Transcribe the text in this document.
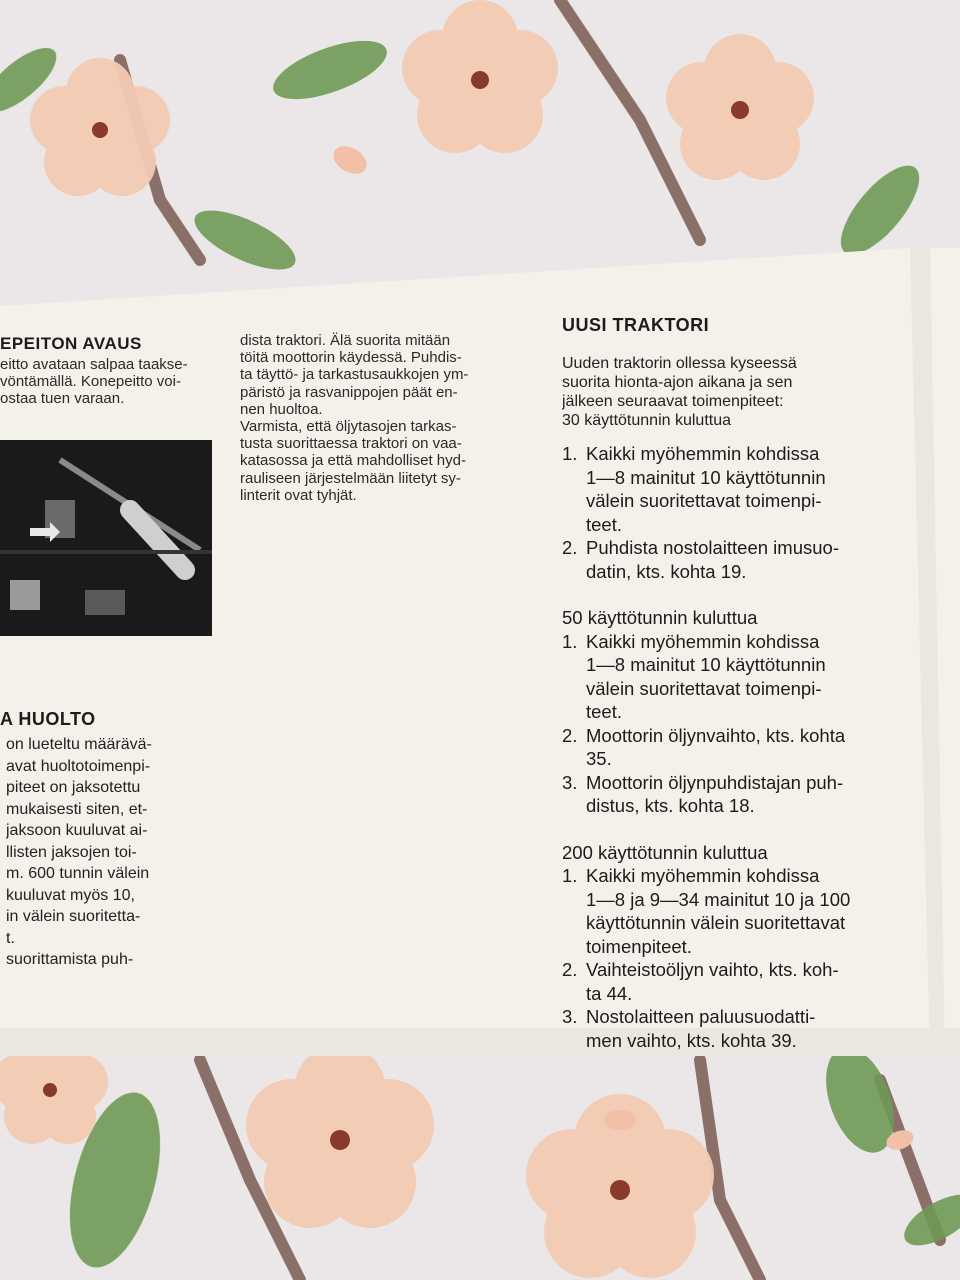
EPEITON AVAUS
eitto avataan salpaa taakse-
vöntämällä. Konepeitto voi-
ostaa tuen varaan.
A HUOLTO
on lueteltu määrävä-
avat huoltotoimenpi-
piteet on jaksotettu
mukaisesti siten, et-
jaksoon kuuluvat ai-
llisten jaksojen toi-
m. 600 tunnin välein
kuuluvat myös 10,
in välein suoritetta-
t.
suorittamista puh-
dista traktori. Älä suorita mitään
töitä moottorin käydessä. Puhdis-
ta täyttö- ja tarkastusaukkojen ym-
päristö ja rasvanippojen päät en-
nen huoltoa.
Varmista, että öljytasojen tarkas-
tusta suorittaessa traktori on vaa-
katasossa ja että mahdolliset hyd-
rauliseen järjestelmään liitetyt sy-
linterit ovat tyhjät.
UUSI TRAKTORI
Uuden traktorin ollessa kyseessä
suorita hionta-ajon aikana ja sen
jälkeen seuraavat toimenpiteet:
30 käyttötunnin kuluttua
1. Kaikki myöhemmin kohdissa
1—8 mainitut 10 käyttötunnin
välein suoritettavat toimenpi-
teet.
2. Puhdista nostolaitteen imusuo-
datin, kts. kohta 19.
50 käyttötunnin kuluttua
1. Kaikki myöhemmin kohdissa
1—8 mainitut 10 käyttötunnin
välein suoritettavat toimenpi-
teet.
2. Moottorin öljynvaihto, kts. kohta
35.
3. Moottorin öljynpuhdistajan puh-
distus, kts. kohta 18.
200 käyttötunnin kuluttua
1. Kaikki myöhemmin kohdissa
1—8 ja 9—34 mainitut 10 ja 100
käyttötunnin välein suoritettavat
toimenpiteet.
2. Vaihteistoöljyn vaihto, kts. koh-
ta 44.
3. Nostolaitteen paluusuodatti-
men vaihto, kts. kohta 39.
